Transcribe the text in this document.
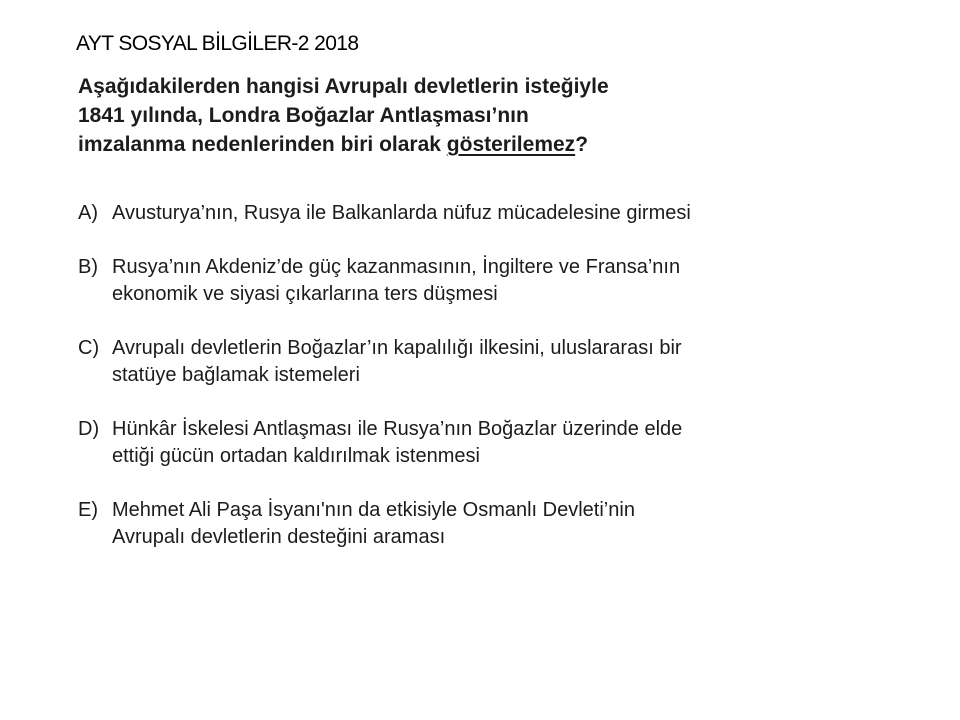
AYT SOSYAL BİLGİLER-2 2018
Aşağıdakilerden hangisi Avrupalı devletlerin isteğiyle 1841 yılında, Londra Boğazlar Antlaşması’nın imzalanma nedenlerinden biri olarak gösterilemez?
A) Avusturya’nın, Rusya ile Balkanlarda nüfuz mücadelesine girmesi
B) Rusya’nın Akdeniz’de güç kazanmasının, İngiltere ve Fransa’nın ekonomik ve siyasi çıkarlarına ters düşmesi
C) Avrupalı devletlerin Boğazlar’ın kapalılığı ilkesini, uluslararası bir statüye bağlamak istemeleri
D) Hünkâr İskelesi Antlaşması ile Rusya’nın Boğazlar üzerinde elde ettiği gücün ortadan kaldırılmak istenmesi
E) Mehmet Ali Paşa İsyanı'nın da etkisiyle Osmanlı Devleti’nin Avrupalı devletlerin desteğini araması
